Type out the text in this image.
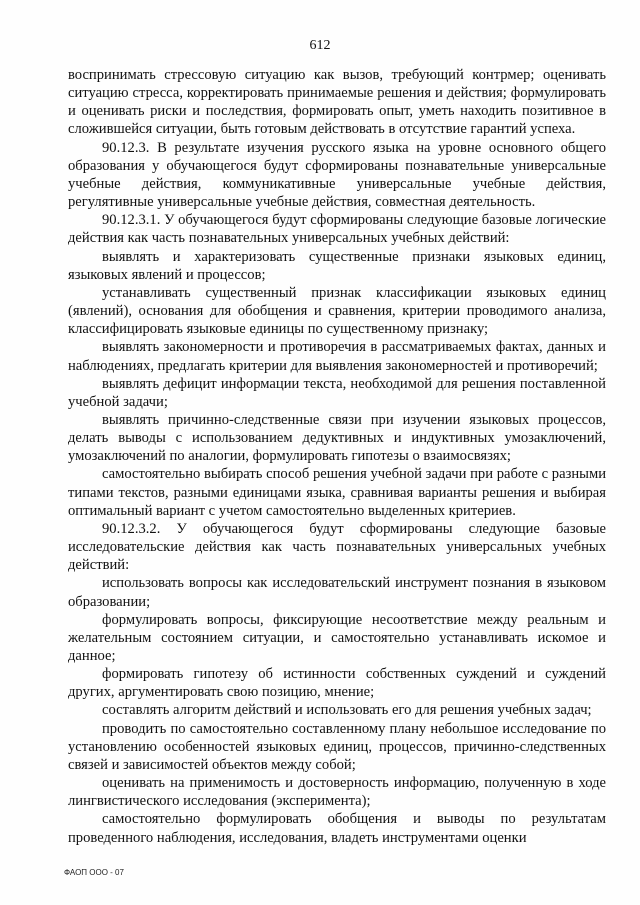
612

воспринимать стрессовую ситуацию как вызов, требующий контрмер; оценивать ситуацию стресса, корректировать принимаемые решения и действия; формулировать и оценивать риски и последствия, формировать опыт, уметь находить позитивное в сложившейся ситуации, быть готовым действовать в отсутствие гарантий успеха.

90.12.3. В результате изучения русского языка на уровне основного общего образования у обучающегося будут сформированы познавательные универсальные учебные действия, коммуникативные универсальные учебные действия, регулятивные универсальные учебные действия, совместная деятельность.

90.12.3.1. У обучающегося будут сформированы следующие базовые логические действия как часть познавательных универсальных учебных действий:

выявлять и характеризовать существенные признаки языковых единиц, языковых явлений и процессов;

устанавливать существенный признак классификации языковых единиц (явлений), основания для обобщения и сравнения, критерии проводимого анализа, классифицировать языковые единицы по существенному признаку;

выявлять закономерности и противоречия в рассматриваемых фактах, данных и наблюдениях, предлагать критерии для выявления закономерностей и противоречий;

выявлять дефицит информации текста, необходимой для решения поставленной учебной задачи;

выявлять причинно-следственные связи при изучении языковых процессов, делать выводы с использованием дедуктивных и индуктивных умозаключений, умозаключений по аналогии, формулировать гипотезы о взаимосвязях;

самостоятельно выбирать способ решения учебной задачи при работе с разными типами текстов, разными единицами языка, сравнивая варианты решения и выбирая оптимальный вариант с учетом самостоятельно выделенных критериев.

90.12.3.2. У обучающегося будут сформированы следующие базовые исследовательские действия как часть познавательных универсальных учебных действий:

использовать вопросы как исследовательский инструмент познания в языковом образовании;

формулировать вопросы, фиксирующие несоответствие между реальным и желательным состоянием ситуации, и самостоятельно устанавливать искомое и данное;

формировать гипотезу об истинности собственных суждений и суждений других, аргументировать свою позицию, мнение;

составлять алгоритм действий и использовать его для решения учебных задач;

проводить по самостоятельно составленному плану небольшое исследование по установлению особенностей языковых единиц, процессов, причинно-следственных связей и зависимостей объектов между собой;

оценивать на применимость и достоверность информацию, полученную в ходе лингвистического исследования (эксперимента);

самостоятельно формулировать обобщения и выводы по результатам проведенного наблюдения, исследования, владеть инструментами оценки

ФАОП ООО - 07
